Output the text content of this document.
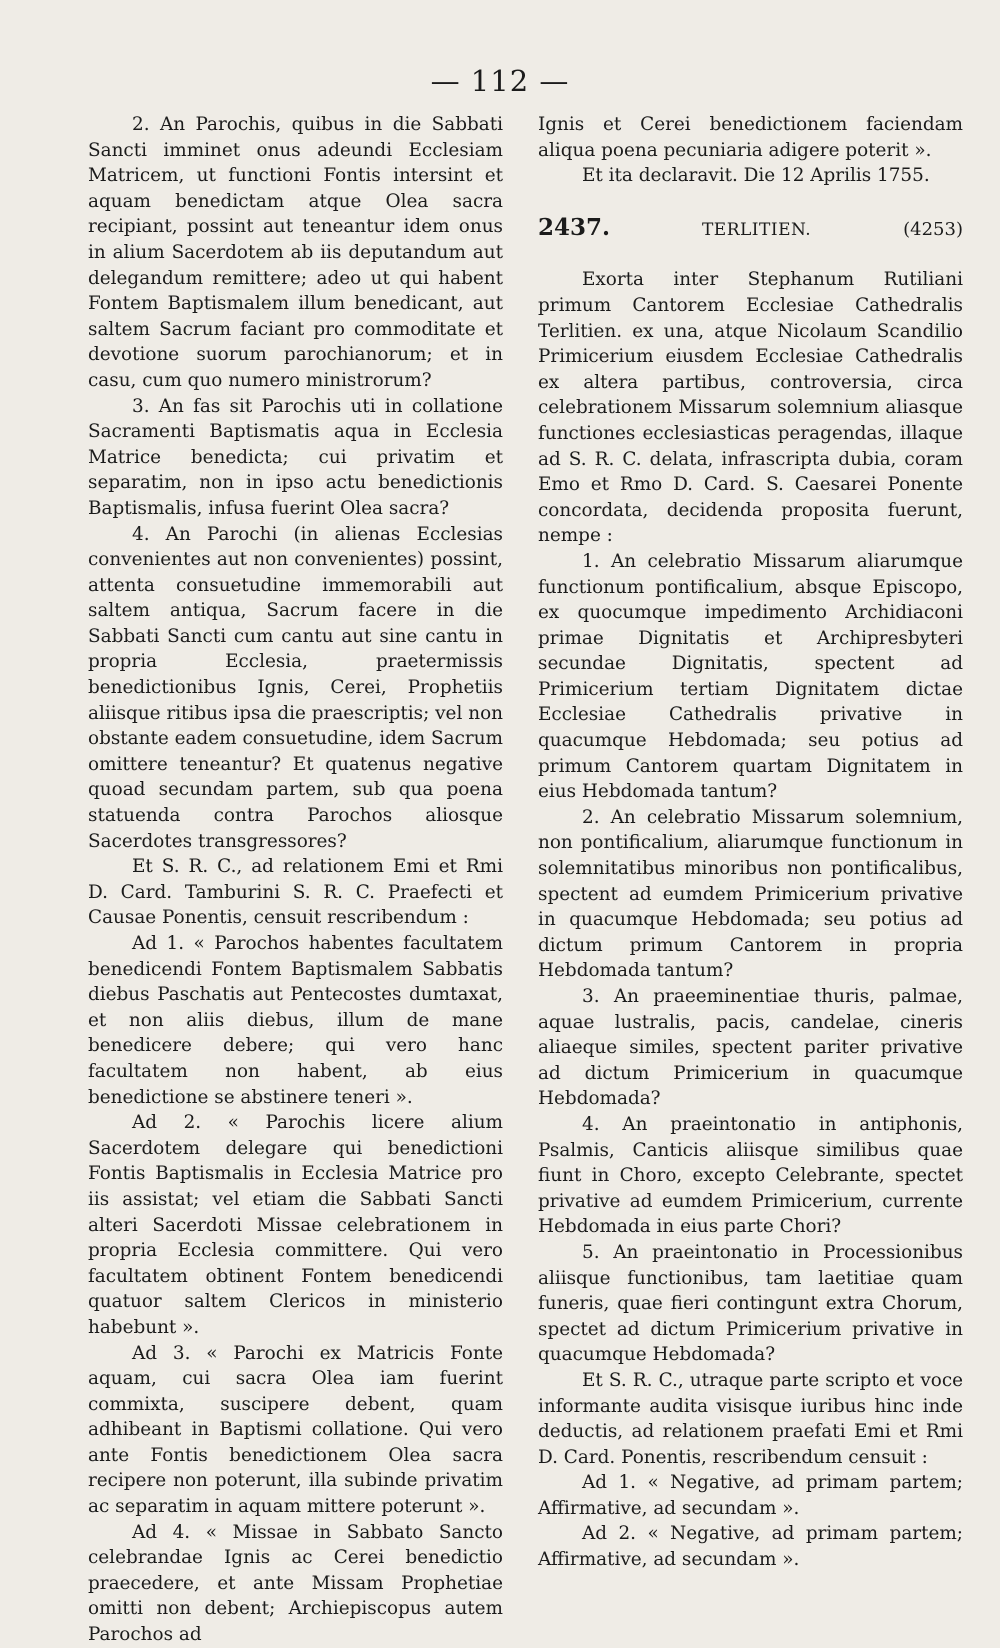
— 112 —

2. An Parochis, quibus in die Sabbati Sancti imminet onus adeundi Ecclesiam Matricem, ut functioni Fontis intersint et aquam benedictam atque Olea sacra recipiant, possint aut teneantur idem onus in alium Sacerdotem ab iis deputandum aut delegandum remittere; adeo ut qui habent Fontem Baptismalem illum benedicant, aut saltem Sacrum faciant pro commoditate et devotione suorum parochianorum; et in casu, cum quo numero ministrorum?

3. An fas sit Parochis uti in collatione Sacramenti Baptismatis aqua in Ecclesia Matrice benedicta; cui privatim et separatim, non in ipso actu benedictionis Baptismalis, infusa fuerint Olea sacra?

4. An Parochi (in alienas Ecclesias convenientes aut non convenientes) possint, attenta consuetudine immemorabili aut saltem antiqua, Sacrum facere in die Sabbati Sancti cum cantu aut sine cantu in propria Ecclesia, praetermissis benedictionibus Ignis, Cerei, Prophetiis aliisque ritibus ipsa die praescriptis; vel non obstante eadem consuetudine, idem Sacrum omittere teneantur? Et quatenus negative quoad secundam partem, sub qua poena statuenda contra Parochos aliosque Sacerdotes transgressores?

Et S. R. C., ad relationem Emi et Rmi D. Card. Tamburini S. R. C. Praefecti et Causae Ponentis, censuit rescribendum :

Ad 1. « Parochos habentes facultatem benedicendi Fontem Baptismalem Sabbatis diebus Paschatis aut Pentecostes dumtaxat, et non aliis diebus, illum de mane benedicere debere; qui vero hanc facultatem non habent, ab eius benedictione se abstinere teneri ».

Ad 2. « Parochis licere alium Sacerdotem delegare qui benedictioni Fontis Baptismalis in Ecclesia Matrice pro iis assistat; vel etiam die Sabbati Sancti alteri Sacerdoti Missae celebrationem in propria Ecclesia committere. Qui vero facultatem obtinent Fontem benedicendi quatuor saltem Clericos in ministerio habebunt ».

Ad 3. « Parochi ex Matricis Fonte aquam, cui sacra Olea iam fuerint commixta, suscipere debent, quam adhibeant in Baptismi collatione. Qui vero ante Fontis benedictionem Olea sacra recipere non poterunt, illa subinde privatim ac separatim in aquam mittere poterunt ».

Ad 4. « Missae in Sabbato Sancto celebrandae Ignis ac Cerei benedictio praecedere, et ante Missam Prophetiae omitti non debent; Archiepiscopus autem Parochos ad

Ignis et Cerei benedictionem faciendam aliqua poena pecuniaria adigere poterit ».

Et ita declaravit. Die 12 Aprilis 1755.

2437.	TERLITIEN.	(4253)

Exorta inter Stephanum Rutiliani primum Cantorem Ecclesiae Cathedralis Terlitien. ex una, atque Nicolaum Scandilio Primicerium eiusdem Ecclesiae Cathedralis ex altera partibus, controversia, circa celebrationem Missarum solemnium aliasque functiones ecclesiasticas peragendas, illaque ad S. R. C. delata, infrascripta dubia, coram Emo et Rmo D. Card. S. Caesarei Ponente concordata, decidenda proposita fuerunt, nempe :

1. An celebratio Missarum aliarumque functionum pontificalium, absque Episcopo, ex quocumque impedimento Archidiaconi primae Dignitatis et Archipresbyteri secundae Dignitatis, spectent ad Primicerium tertiam Dignitatem dictae Ecclesiae Cathedralis privative in quacumque Hebdomada; seu potius ad primum Cantorem quartam Dignitatem in eius Hebdomada tantum?

2. An celebratio Missarum solemnium, non pontificalium, aliarumque functionum in solemnitatibus minoribus non pontificalibus, spectent ad eumdem Primicerium privative in quacumque Hebdomada; seu potius ad dictum primum Cantorem in propria Hebdomada tantum?

3. An praeeminentiae thuris, palmae, aquae lustralis, pacis, candelae, cineris aliaeque similes, spectent pariter privative ad dictum Primicerium in quacumque Hebdomada?

4. An praeintonatio in antiphonis, Psalmis, Canticis aliisque similibus quae fiunt in Choro, excepto Celebrante, spectet privative ad eumdem Primicerium, currente Hebdomada in eius parte Chori?

5. An praeintonatio in Processionibus aliisque functionibus, tam laetitiae quam funeris, quae fieri contingunt extra Chorum, spectet ad dictum Primicerium privative in quacumque Hebdomada?

Et S. R. C., utraque parte scripto et voce informante audita visisque iuribus hinc inde deductis, ad relationem praefati Emi et Rmi D. Card. Ponentis, rescribendum censuit :

Ad 1. « Negative, ad primam partem; Affirmative, ad secundam ».

Ad 2. « Negative, ad primam partem; Affirmative, ad secundam ».
